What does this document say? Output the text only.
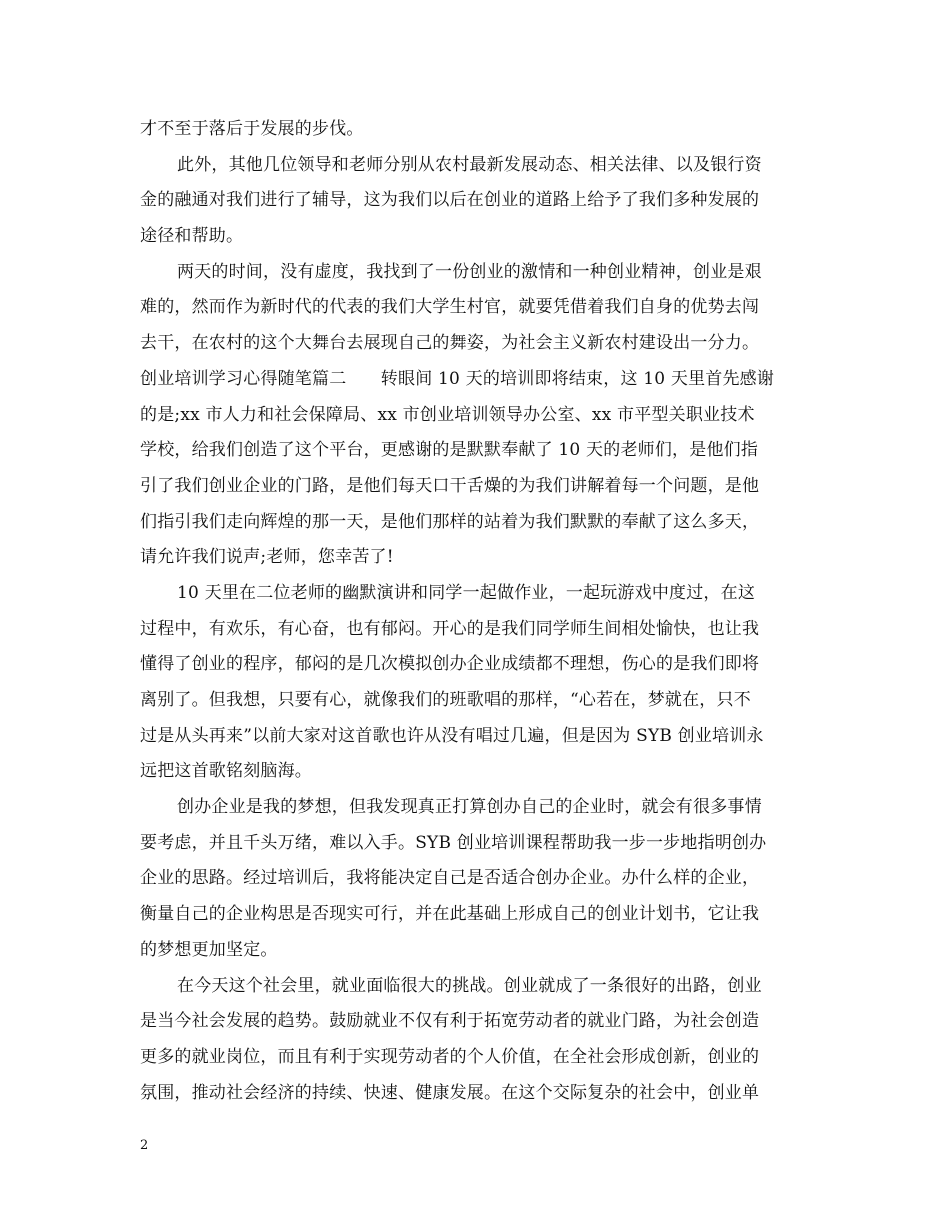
才不至于落后于发展的步伐。
此外，其他几位领导和老师分别从农村最新发展动态、相关法律、以及银行资
金的融通对我们进行了辅导，这为我们以后在创业的道路上给予了我们多种发展的
途径和帮助。
两天的时间，没有虚度，我找到了一份创业的激情和一种创业精神，创业是艰
难的，然而作为新时代的代表的我们大学生村官，就要凭借着我们自身的优势去闯
去干，在农村的这个大舞台去展现自己的舞姿，为社会主义新农村建设出一分力。
创业培训学习心得随笔篇二　　转眼间 10 天的培训即将结束，这 10 天里首先感谢
的是;xx 市人力和社会保障局、xx 市创业培训领导办公室、xx 市平型关职业技术
学校，给我们创造了这个平台，更感谢的是默默奉献了 10 天的老师们，是他们指
引了我们创业企业的门路，是他们每天口干舌燥的为我们讲解着每一个问题，是他
们指引我们走向辉煌的那一天，是他们那样的站着为我们默默的奉献了这么多天，
请允许我们说声;老师，您幸苦了!
10 天里在二位老师的幽默演讲和同学一起做作业，一起玩游戏中度过，在这
过程中，有欢乐，有心奋，也有郁闷。开心的是我们同学师生间相处愉快，也让我
懂得了创业的程序，郁闷的是几次模拟创办企业成绩都不理想，伤心的是我们即将
离别了。但我想，只要有心，就像我们的班歌唱的那样，“心若在，梦就在，只不
过是从头再来”以前大家对这首歌也许从没有唱过几遍，但是因为 SYB 创业培训永
远把这首歌铭刻脑海。
创办企业是我的梦想，但我发现真正打算创办自己的企业时，就会有很多事情
要考虑，并且千头万绪，难以入手。SYB 创业培训课程帮助我一步一步地指明创办
企业的思路。经过培训后，我将能决定自己是否适合创办企业。办什么样的企业，
衡量自己的企业构思是否现实可行，并在此基础上形成自己的创业计划书，它让我
的梦想更加坚定。
在今天这个社会里，就业面临很大的挑战。创业就成了一条很好的出路，创业
是当今社会发展的趋势。鼓励就业不仅有利于拓宽劳动者的就业门路，为社会创造
更多的就业岗位，而且有利于实现劳动者的个人价值，在全社会形成创新，创业的
氛围，推动社会经济的持续、快速、健康发展。在这个交际复杂的社会中，创业单
2
